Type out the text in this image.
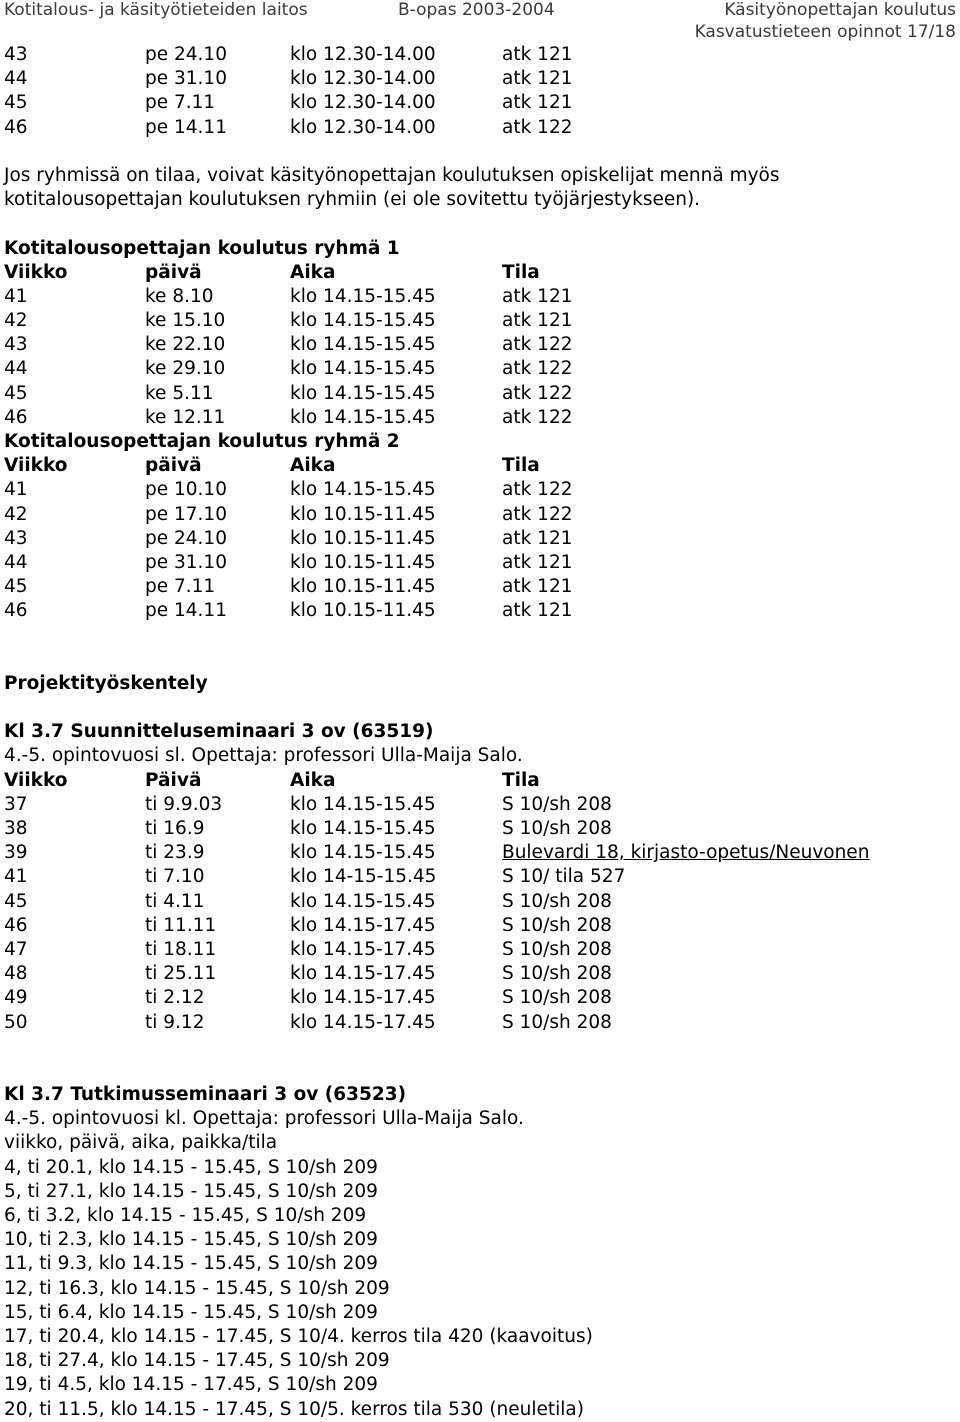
Kotitalous- ja käsityötieteiden laitos	B-opas 2003-2004	Käsityönopettajan koulutus
Kasvatustieteen opinnot 17/18
43	pe 24.10	klo 12.30-14.00	atk 121
44	pe 31.10	klo 12.30-14.00	atk 121
45	pe 7.11	klo 12.30-14.00	atk 121
46	pe 14.11	klo 12.30-14.00	atk 122
Jos ryhmissä on tilaa, voivat käsityönopettajan koulutuksen opiskelijat mennä myös
kotitalousopettajan koulutuksen ryhmiin (ei ole sovitettu työjärjestykseen).
Kotitalousopettajan koulutus ryhmä 1
Viikko	päivä	Aika	Tila
41	ke 8.10	klo 14.15-15.45	atk 121
42	ke 15.10	klo 14.15-15.45	atk 121
43	ke 22.10	klo 14.15-15.45	atk 122
44	ke 29.10	klo 14.15-15.45	atk 122
45	ke 5.11	klo 14.15-15.45	atk 122
46	ke 12.11	klo 14.15-15.45	atk 122
Kotitalousopettajan koulutus ryhmä 2
Viikko	päivä	Aika	Tila
41	pe 10.10	klo 14.15-15.45	atk 122
42	pe 17.10	klo 10.15-11.45	atk 122
43	pe 24.10	klo 10.15-11.45	atk 121
44	pe 31.10	klo 10.15-11.45	atk 121
45	pe 7.11	klo 10.15-11.45	atk 121
46	pe 14.11	klo 10.15-11.45	atk 121
Projektityöskentely
Kl 3.7 Suunnitteluseminaari 3 ov (63519)
4.-5. opintovuosi sl. Opettaja: professori Ulla-Maija Salo.
Viikko	Päivä	Aika	Tila
37	ti 9.9.03	klo 14.15-15.45	S 10/sh 208
38	ti 16.9	klo 14.15-15.45	S 10/sh 208
39	ti 23.9	klo 14.15-15.45	Bulevardi 18, kirjasto-opetus/Neuvonen
41	ti 7.10	klo 14-15-15.45	S 10/ tila 527
45	ti 4.11	klo 14.15-15.45	S 10/sh 208
46	ti 11.11	klo 14.15-17.45	S 10/sh 208
47	ti 18.11	klo 14.15-17.45	S 10/sh 208
48	ti 25.11	klo 14.15-17.45	S 10/sh 208
49	ti 2.12	klo 14.15-17.45	S 10/sh 208
50	ti 9.12	klo 14.15-17.45	S 10/sh 208
Kl 3.7 Tutkimusseminaari 3 ov (63523)
4.-5. opintovuosi kl. Opettaja: professori Ulla-Maija Salo.
viikko, päivä, aika, paikka/tila
4, ti 20.1, klo 14.15 - 15.45, S 10/sh 209
5, ti 27.1, klo 14.15 - 15.45, S 10/sh 209
6, ti 3.2, klo 14.15 - 15.45, S 10/sh 209
10, ti 2.3, klo 14.15 - 15.45, S 10/sh 209
11, ti 9.3, klo 14.15 - 15.45, S 10/sh 209
12, ti 16.3, klo 14.15 - 15.45, S 10/sh 209
15, ti 6.4, klo 14.15 - 15.45, S 10/sh 209
17, ti 20.4, klo 14.15 - 17.45, S 10/4. kerros tila 420 (kaavoitus)
18, ti 27.4, klo 14.15 - 17.45, S 10/sh 209
19, ti 4.5, klo 14.15 - 17.45, S 10/sh 209
20, ti 11.5, klo 14.15 - 17.45, S 10/5. kerros tila 530 (neuletila)
